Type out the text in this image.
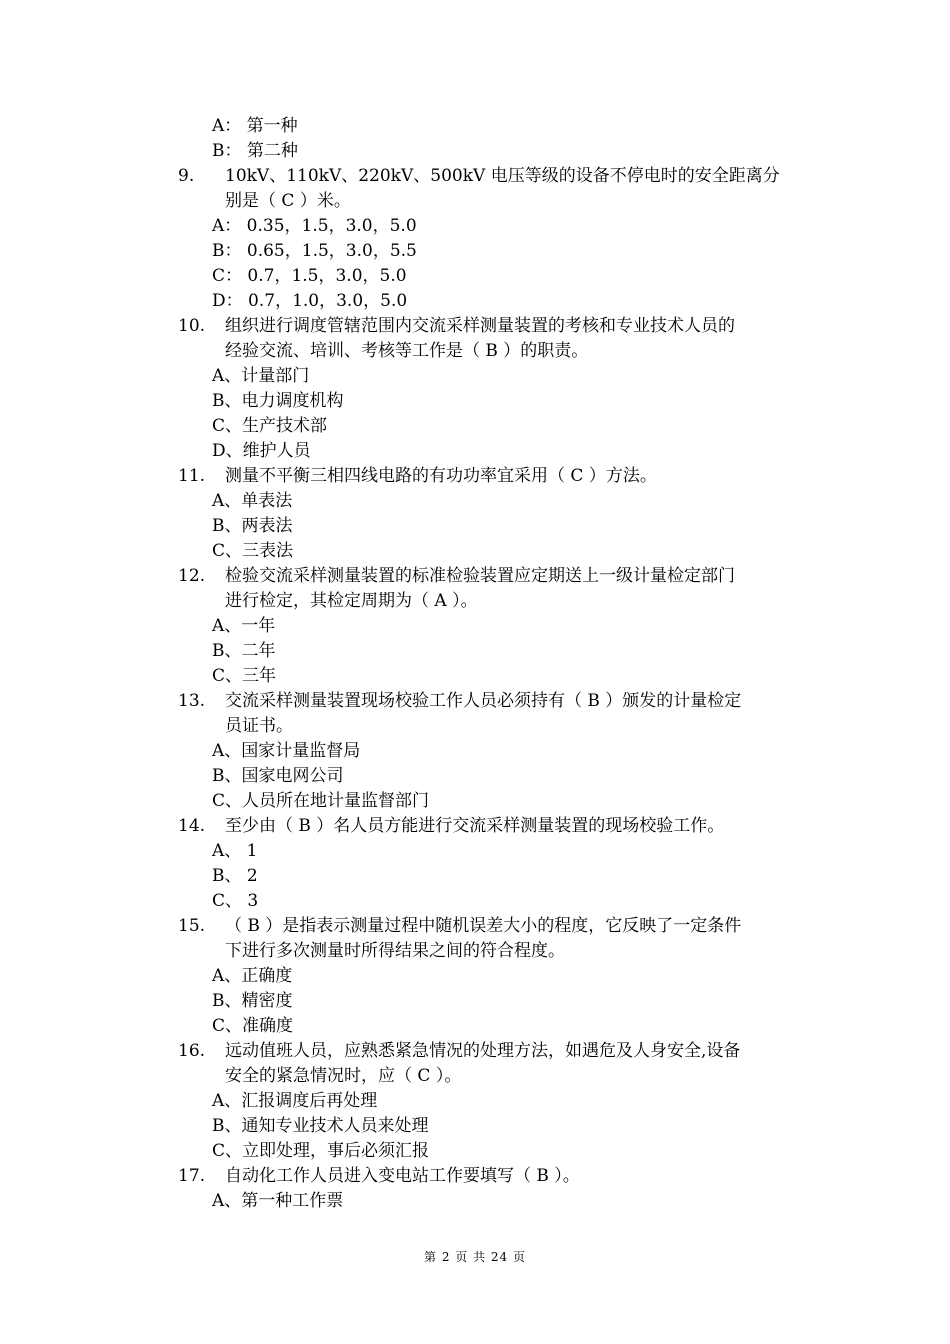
A： 第一种
B： 第二种
9. 10kV、110kV、220kV、500kV 电压等级的设备不停电时的安全距离分
别是（ C ）米。
A： 0.35，1.5，3.0，5.0
B： 0.65，1.5，3.0，5.5
C： 0.7，1.5，3.0，5.0
D： 0.7，1.0，3.0，5.0
10. 组织进行调度管辖范围内交流采样测量装置的考核和专业技术人员的
经验交流、培训、考核等工作是（ B ）的职责。
A、计量部门
B、电力调度机构
C、生产技术部
D、维护人员
11. 测量不平衡三相四线电路的有功功率宜采用（ C ）方法。
A、单表法
B、两表法
C、三表法
12. 检验交流采样测量装置的标准检验装置应定期送上一级计量检定部门
进行检定，其检定周期为（ A ）。
A、一年
B、二年
C、三年
13. 交流采样测量装置现场校验工作人员必须持有（ B ）颁发的计量检定
员证书。
A、国家计量监督局
B、国家电网公司
C、人员所在地计量监督部门
14. 至少由（ B ）名人员方能进行交流采样测量装置的现场校验工作。
A、 1
B、 2
C、 3
15. （ B ）是指表示测量过程中随机误差大小的程度，它反映了一定条件
下进行多次测量时所得结果之间的符合程度。
A、正确度
B、精密度
C、准确度
16. 远动值班人员，应熟悉紧急情况的处理方法，如遇危及人身安全,设备
安全的紧急情况时，应（ C ）。
A、汇报调度后再处理
B、通知专业技术人员来处理
C、立即处理，事后必须汇报
17. 自动化工作人员进入变电站工作要填写（ B ）。
A、第一种工作票
第 2 页 共 24 页
